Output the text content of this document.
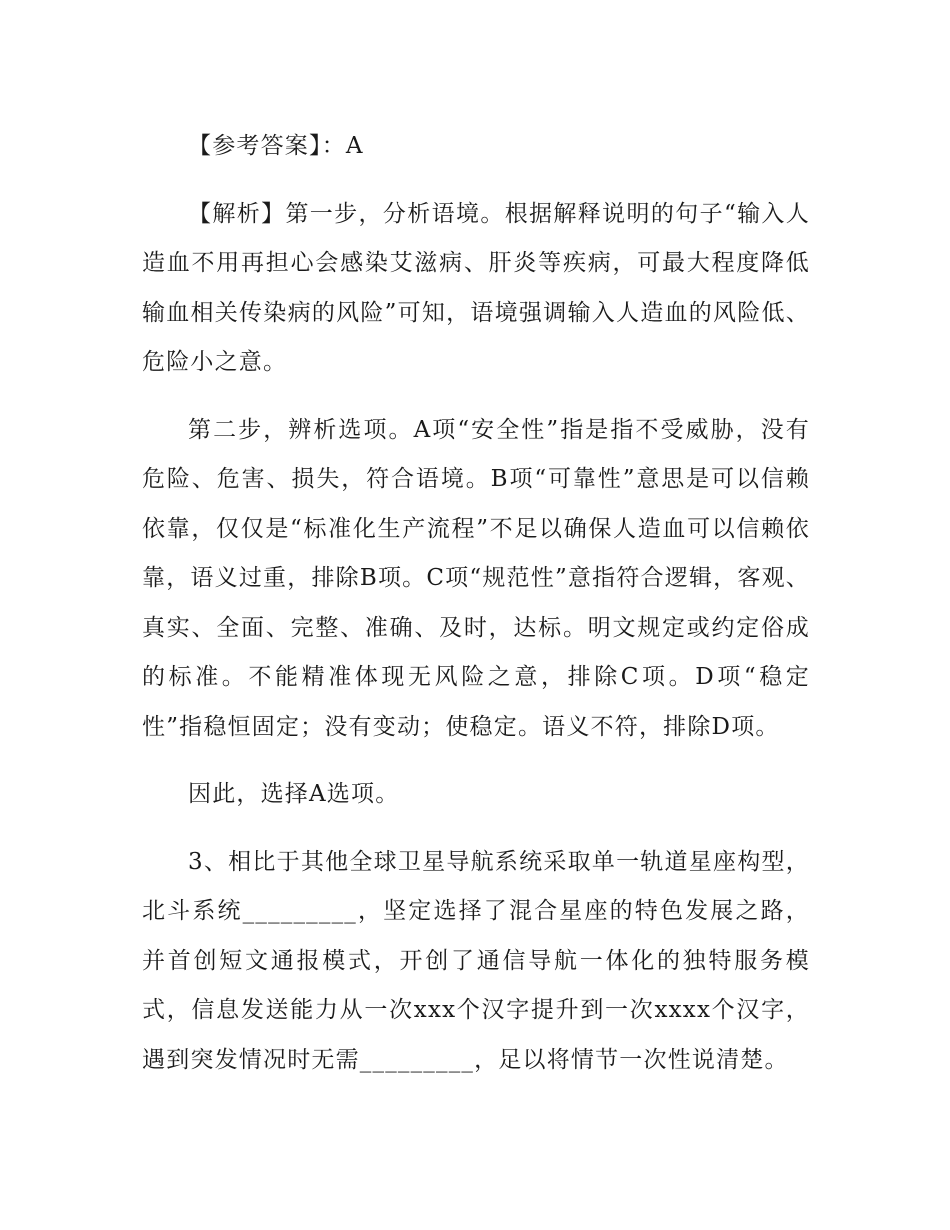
【参考答案】：A

【解析】第一步，分析语境。根据解释说明的句子“输入人造血不用再担心会感染艾滋病、肝炎等疾病，可最大程度降低输血相关传染病的风险”可知，语境强调输入人造血的风险低、危险小之意。

第二步，辨析选项。A项“安全性”指是指不受威胁，没有危险、危害、损失，符合语境。B项“可靠性”意思是可以信赖依靠，仅仅是“标准化生产流程”不足以确保人造血可以信赖依靠，语义过重，排除B项。C项“规范性”意指符合逻辑，客观、真实、全面、完整、准确、及时，达标。明文规定或约定俗成的标准。不能精准体现无风险之意，排除C项。D项“稳定性”指稳恒固定；没有变动；使稳定。语义不符，排除D项。

因此，选择A选项。

3、相比于其他全球卫星导航系统采取单一轨道星座构型，北斗系统_________，坚定选择了混合星座的特色发展之路，并首创短文通报模式，开创了通信导航一体化的独特服务模式，信息发送能力从一次xxx个汉字提升到一次xxxx个汉字，遇到突发情况时无需_________，足以将情节一次性说清楚。
